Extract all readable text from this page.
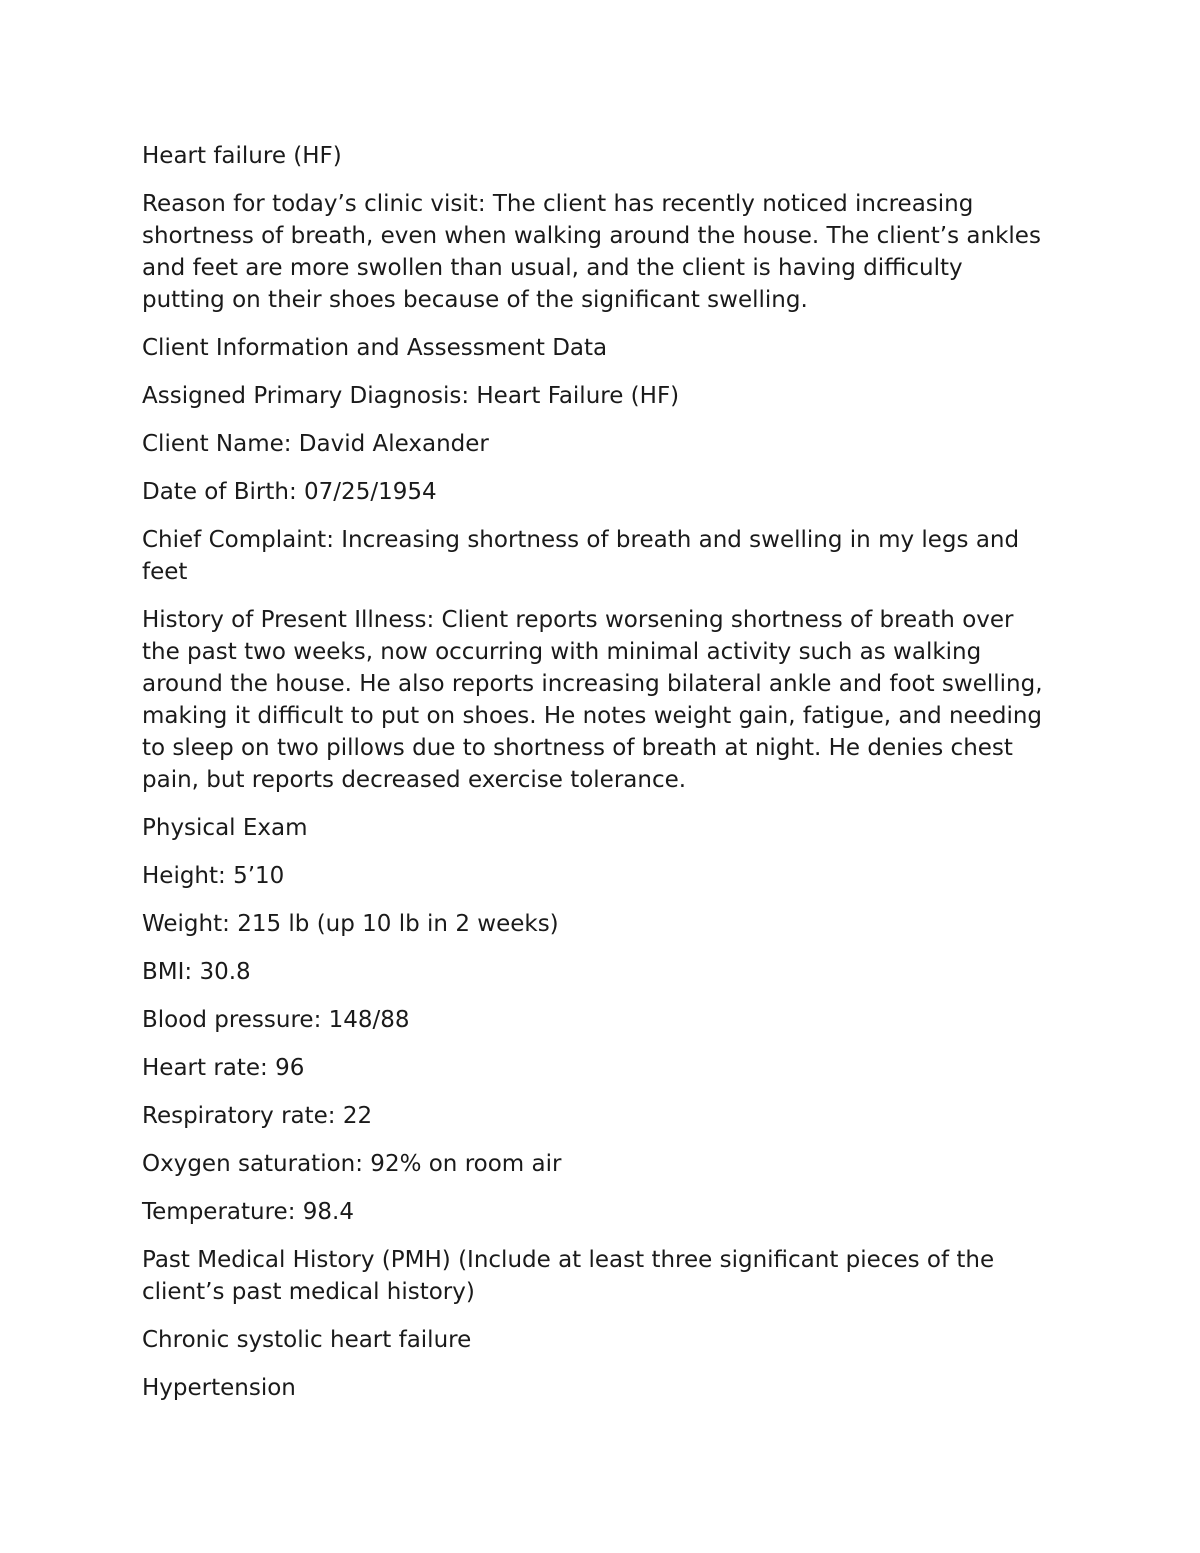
Heart failure (HF)

Reason for today’s clinic visit: The client has recently noticed increasing shortness of breath, even when walking around the house. The client’s ankles and feet are more swollen than usual, and the client is having difficulty putting on their shoes because of the significant swelling.

Client Information and Assessment Data

Assigned Primary Diagnosis: Heart Failure (HF)

Client Name: David Alexander

Date of Birth: 07/25/1954

Chief Complaint: Increasing shortness of breath and swelling in my legs and feet

History of Present Illness: Client reports worsening shortness of breath over the past two weeks, now occurring with minimal activity such as walking around the house. He also reports increasing bilateral ankle and foot swelling, making it difficult to put on shoes. He notes weight gain, fatigue, and needing to sleep on two pillows due to shortness of breath at night. He denies chest pain, but reports decreased exercise tolerance.

Physical Exam

Height: 5’10

Weight: 215 lb (up 10 lb in 2 weeks)

BMI: 30.8

Blood pressure: 148/88

Heart rate: 96

Respiratory rate: 22

Oxygen saturation: 92% on room air

Temperature: 98.4

Past Medical History (PMH) (Include at least three significant pieces of the client’s past medical history)

Chronic systolic heart failure

Hypertension
